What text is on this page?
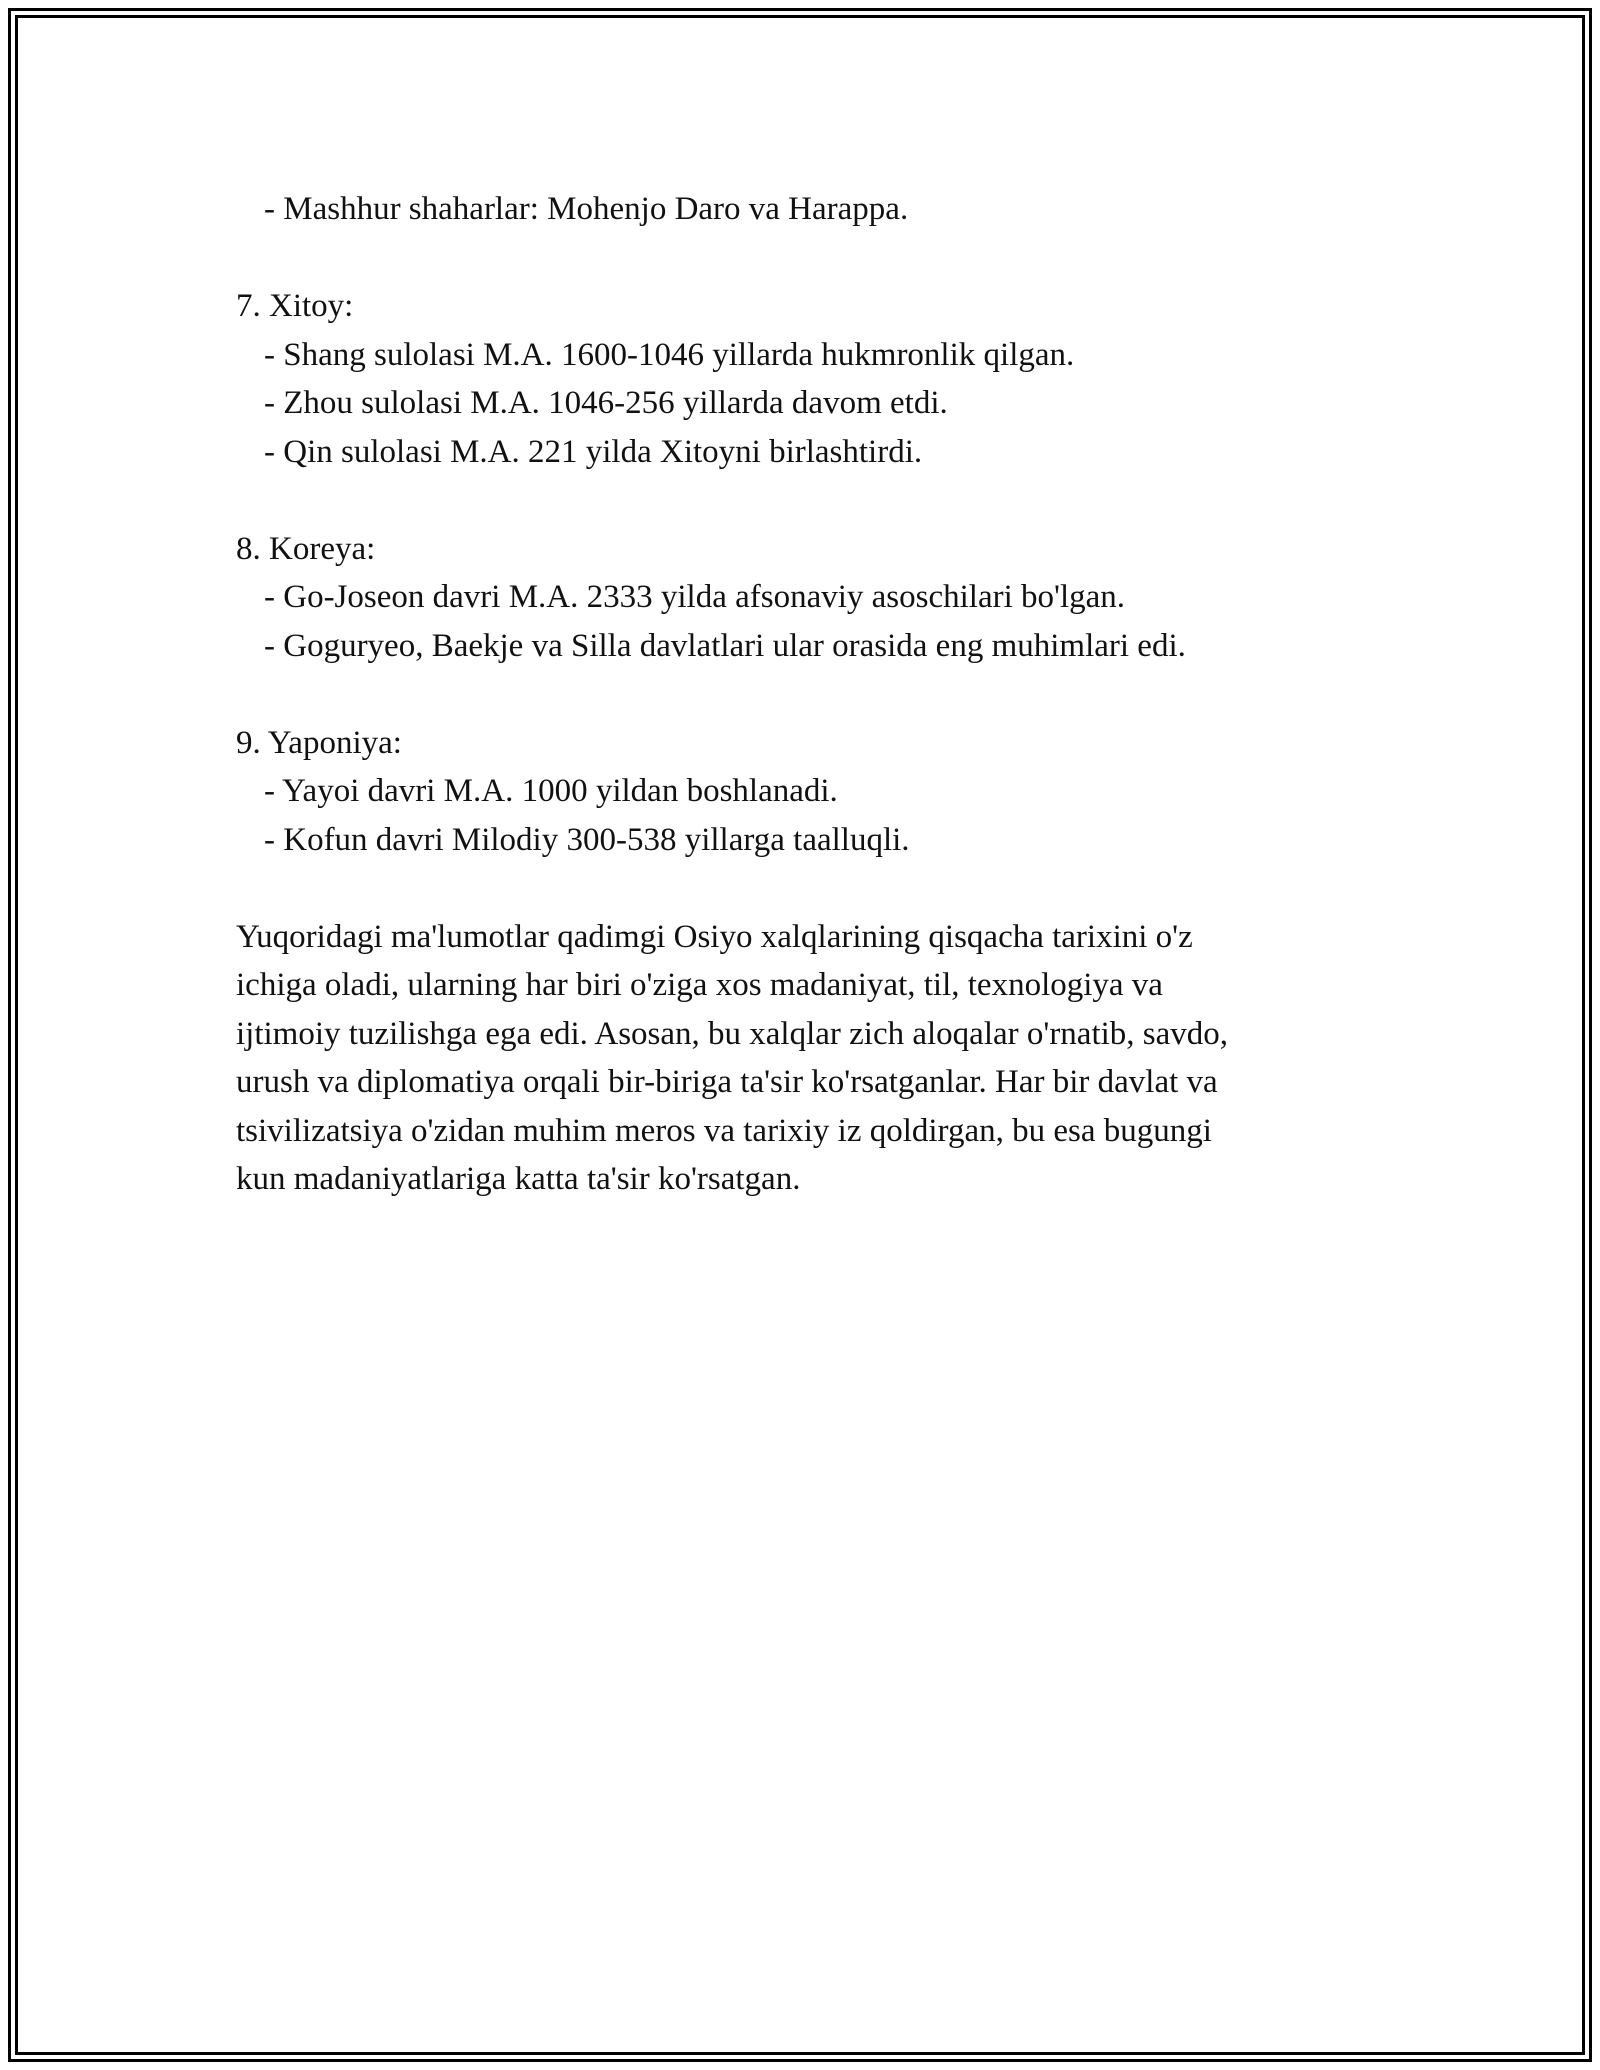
- Mashhur shaharlar: Mohenjo Daro va Harappa.

7. Xitoy:

- Shang sulolasi M.A. 1600-1046 yillarda hukmronlik qilgan.

- Zhou sulolasi M.A. 1046-256 yillarda davom etdi.

- Qin sulolasi M.A. 221 yilda Xitoyni birlashtirdi.

8. Koreya:

- Go-Joseon davri M.A. 2333 yilda afsonaviy asoschilari bo'lgan.

- Goguryeo, Baekje va Silla davlatlari ular orasida eng muhimlari edi.

9. Yaponiya:

- Yayoi davri M.A. 1000 yildan boshlanadi.

- Kofun davri Milodiy 300-538 yillarga taalluqli.

Yuqoridagi ma'lumotlar qadimgi Osiyo xalqlarining qisqacha tarixini o'z

ichiga oladi, ularning har biri o'ziga xos madaniyat, til, texnologiya va

ijtimoiy tuzilishga ega edi. Asosan, bu xalqlar zich aloqalar o'rnatib, savdo,

urush va diplomatiya orqali bir-biriga ta'sir ko'rsatganlar. Har bir davlat va

tsivilizatsiya o'zidan muhim meros va tarixiy iz qoldirgan, bu esa bugungi

kun madaniyatlariga katta ta'sir ko'rsatgan.
